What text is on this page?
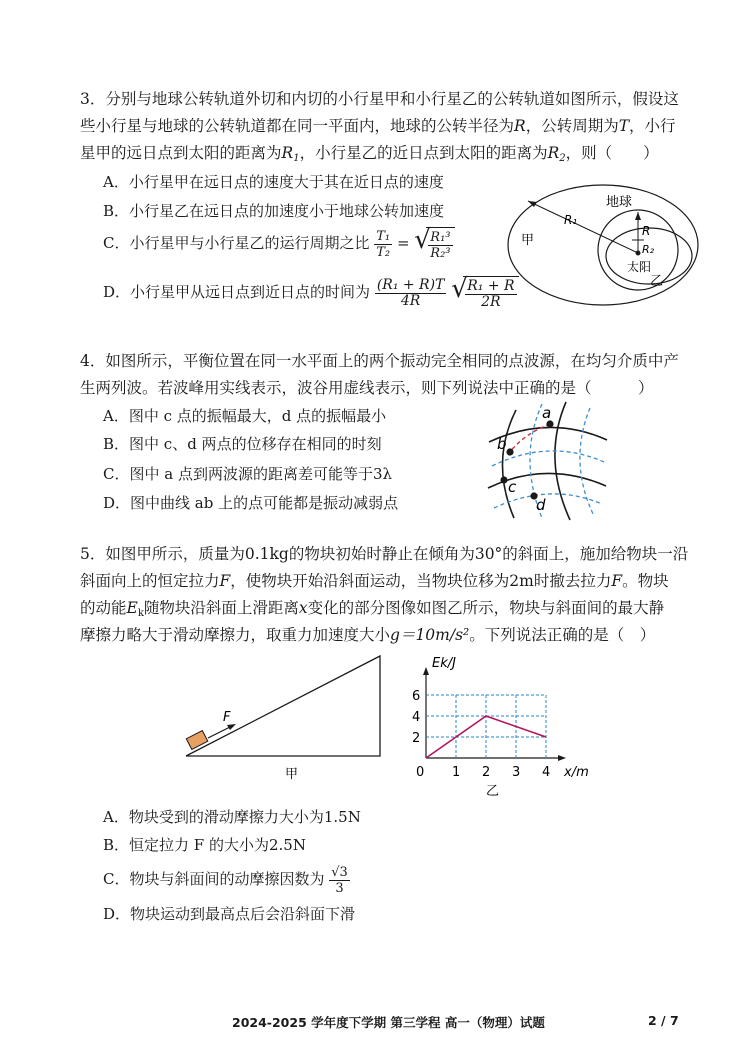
3．分别与地球公转轨道外切和内切的小行星甲和小行星乙的公转轨道如图所示，假设这
些小行星与地球的公转轨道都在同一平面内，地球的公转半径为R，公转周期为T，小行
星甲的远日点到太阳的距离为$R_1$，小行星乙的近日点到太阳的距离为$R_2$，则（　　）
A．小行星甲在远日点的速度大于其在近日点的速度
B．小行星乙在远日点的加速度小于地球公转加速度
C．小行星甲与小行星乙的运行周期之比 $\frac{\text{T₁}}{\text{T₂}}$ = √
$\frac{\text{R₁³}}{\text{R₂³}}$
D．小行星甲从远日点到近日点的时间为 $\frac{\text{(R₁ + R)T}}{4R}$
√
$\frac{\text{R₁ + R}}{2R}$
地球
R₁
R
R₂
甲
太阳
乙
4．如图所示，平衡位置在同一水平面上的两个振动完全相同的点波源，在均匀介质中产
生两列波。若波峰用实线表示，波谷用虚线表示，则下列说法中正确的是（　　　）
A．图中 c 点的振幅最大，d 点的振幅最小
B．图中 c、d 两点的位移存在相同的时刻
C．图中 a 点到两波源的距离差可能等于3λ
D．图中曲线 ab 上的点可能都是振动减弱点
a
b
c
d
5．如图甲所示，质量为0.1kg的物块初始时静止在倾角为30°的斜面上，施加给物块一沿
斜面向上的恒定拉力F，使物块开始沿斜面运动，当物块位移为2m时撤去拉力F。物块
的动能$E_k$随物块沿斜面上滑距离x变化的部分图像如图乙所示，物块与斜面间的最大静
摩擦力略大于滑动摩擦力，取重力加速度大小g＝10m/s²。下列说法正确的是（　）
F
甲	0 1 2 3 4
2
4
6
Ek/J
x/m
乙
A．物块受到的滑动摩擦力大小为1.5N
B．恒定拉力 F 的大小为2.5N
C．物块与斜面间的动摩擦因数为 $\frac{√3}{3}$
D．物块运动到最高点后会沿斜面下滑
2024-2025 学年度下学期 第三学程 高一（物理）试题	2 / 7
